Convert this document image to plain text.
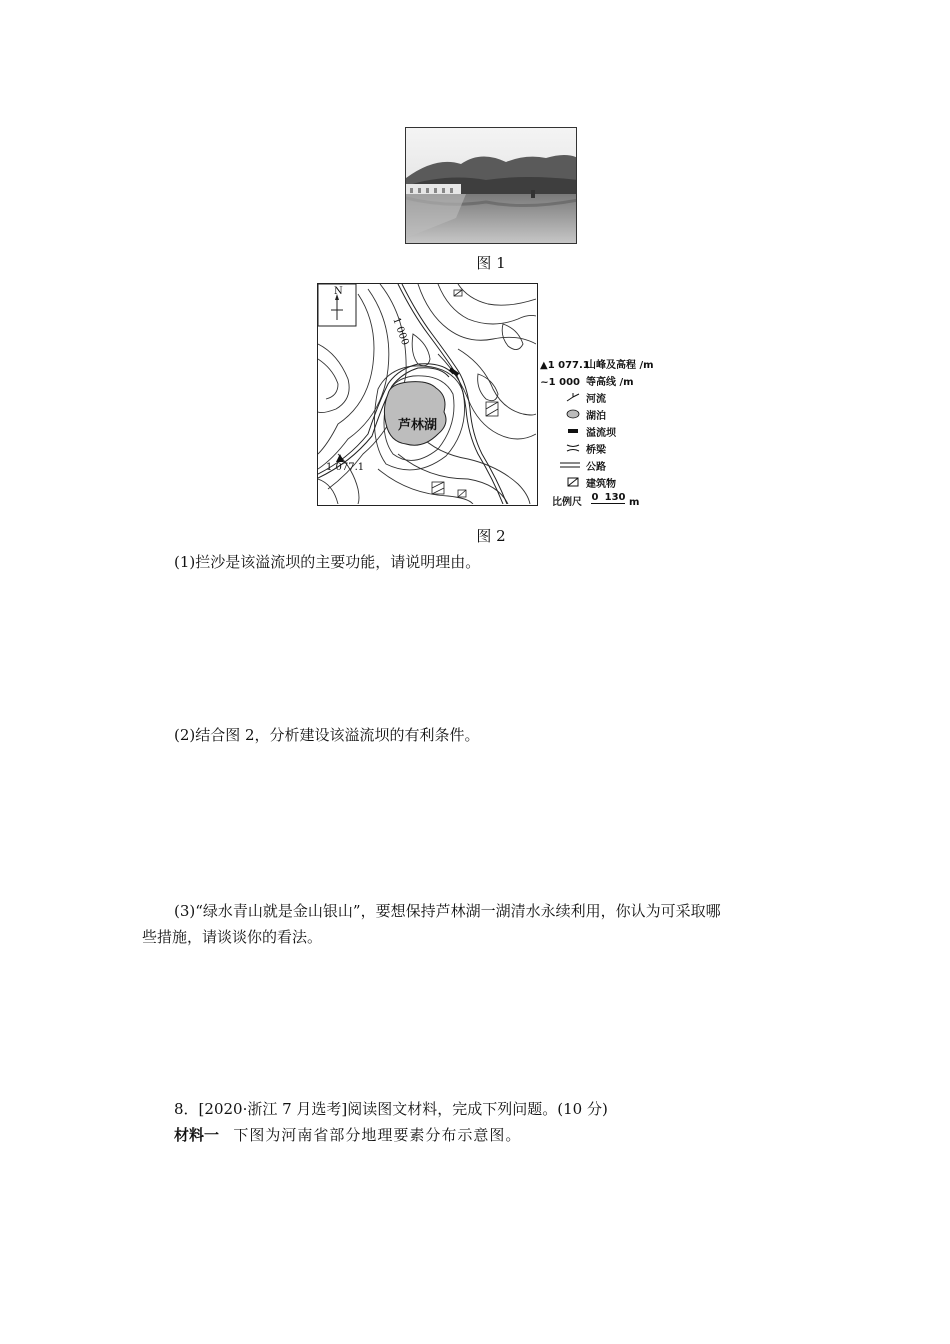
图 1
N
1 000
芦林湖
1 077.1
▲1 077.1山峰及高程 /m
~1 000 等高线 /m
河流
湖泊
溢流坝
桥梁
公路
建筑物
比例尺 0 130 m
图 2
(1)拦沙是该溢流坝的主要功能，请说明理由。
(2)结合图 2，分析建设该溢流坝的有利条件。
(3)“绿水青山就是金山银山”，要想保持芦林湖一湖清水永续利用，你认为可采取哪
些措施，请谈谈你的看法。
8．[2020·浙江 7 月选考]阅读图文材料，完成下列问题。(10 分)
材料一 下图为河南省部分地理要素分布示意图。
